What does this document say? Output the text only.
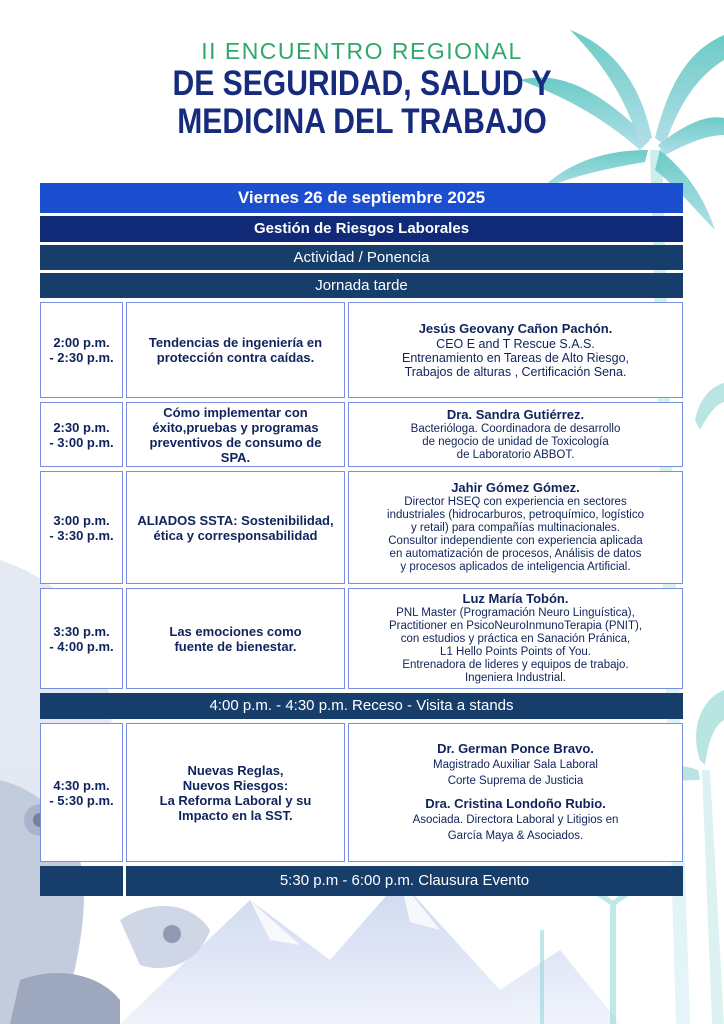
II ENCUENTRO REGIONAL
DE SEGURIDAD, SALUD Y
MEDICINA DEL TRABAJO
Viernes 26 de septiembre 2025
Gestión de Riesgos Laborales
Actividad / Ponencia
Jornada tarde
2:00 p.m.
- 2:30 p.m.
Tendencias de ingeniería en
protección contra caídas.
Jesús Geovany Cañon Pachón.
CEO E and T Rescue S.A.S.
Entrenamiento en Tareas de Alto Riesgo,
Trabajos de alturas , Certificación Sena.
2:30 p.m.
- 3:00 p.m.
Cómo implementar con
éxito,pruebas y programas
preventivos de consumo de
SPA.
Dra. Sandra Gutiérrez.
Bacterióloga. Coordinadora de desarrollo
de negocio de unidad de Toxicología
de Laboratorio ABBOT.
3:00 p.m.
- 3:30 p.m.
ALIADOS SSTA: Sostenibilidad,
ética y corresponsabilidad
Jahir Gómez Gómez.
Director HSEQ con experiencia en sectores
industriales (hidrocarburos, petroquímico, logístico
y retail) para compañías multinacionales.
Consultor independiente con experiencia aplicada
en automatización de procesos, Análisis de datos
y procesos aplicados de inteligencia Artificial.
3:30 p.m.
- 4:00 p.m.
Las emociones como
fuente de bienestar.
Luz María Tobón.
PNL Master (Programación Neuro Linguística),
Practitioner en PsicoNeuroInmunoTerapia (PNIT),
con estudios y práctica en Sanación Pránica,
L1 Hello Points Points of You.
Entrenadora de lideres y equipos de trabajo.
Ingeniera Industrial.
4:00 p.m. - 4:30 p.m. Receso - Visita a stands
4:30 p.m.
- 5:30 p.m.
Nuevas Reglas,
Nuevos Riesgos:
La Reforma Laboral y su
Impacto en la SST.
Dr. German Ponce Bravo.
Magistrado Auxiliar Sala Laboral
Corte Suprema de Justicia
Dra. Cristina Londoño Rubio.
Asociada. Directora Laboral y Litigios en
García Maya & Asociados.
5:30 p.m - 6:00 p.m. Clausura Evento
